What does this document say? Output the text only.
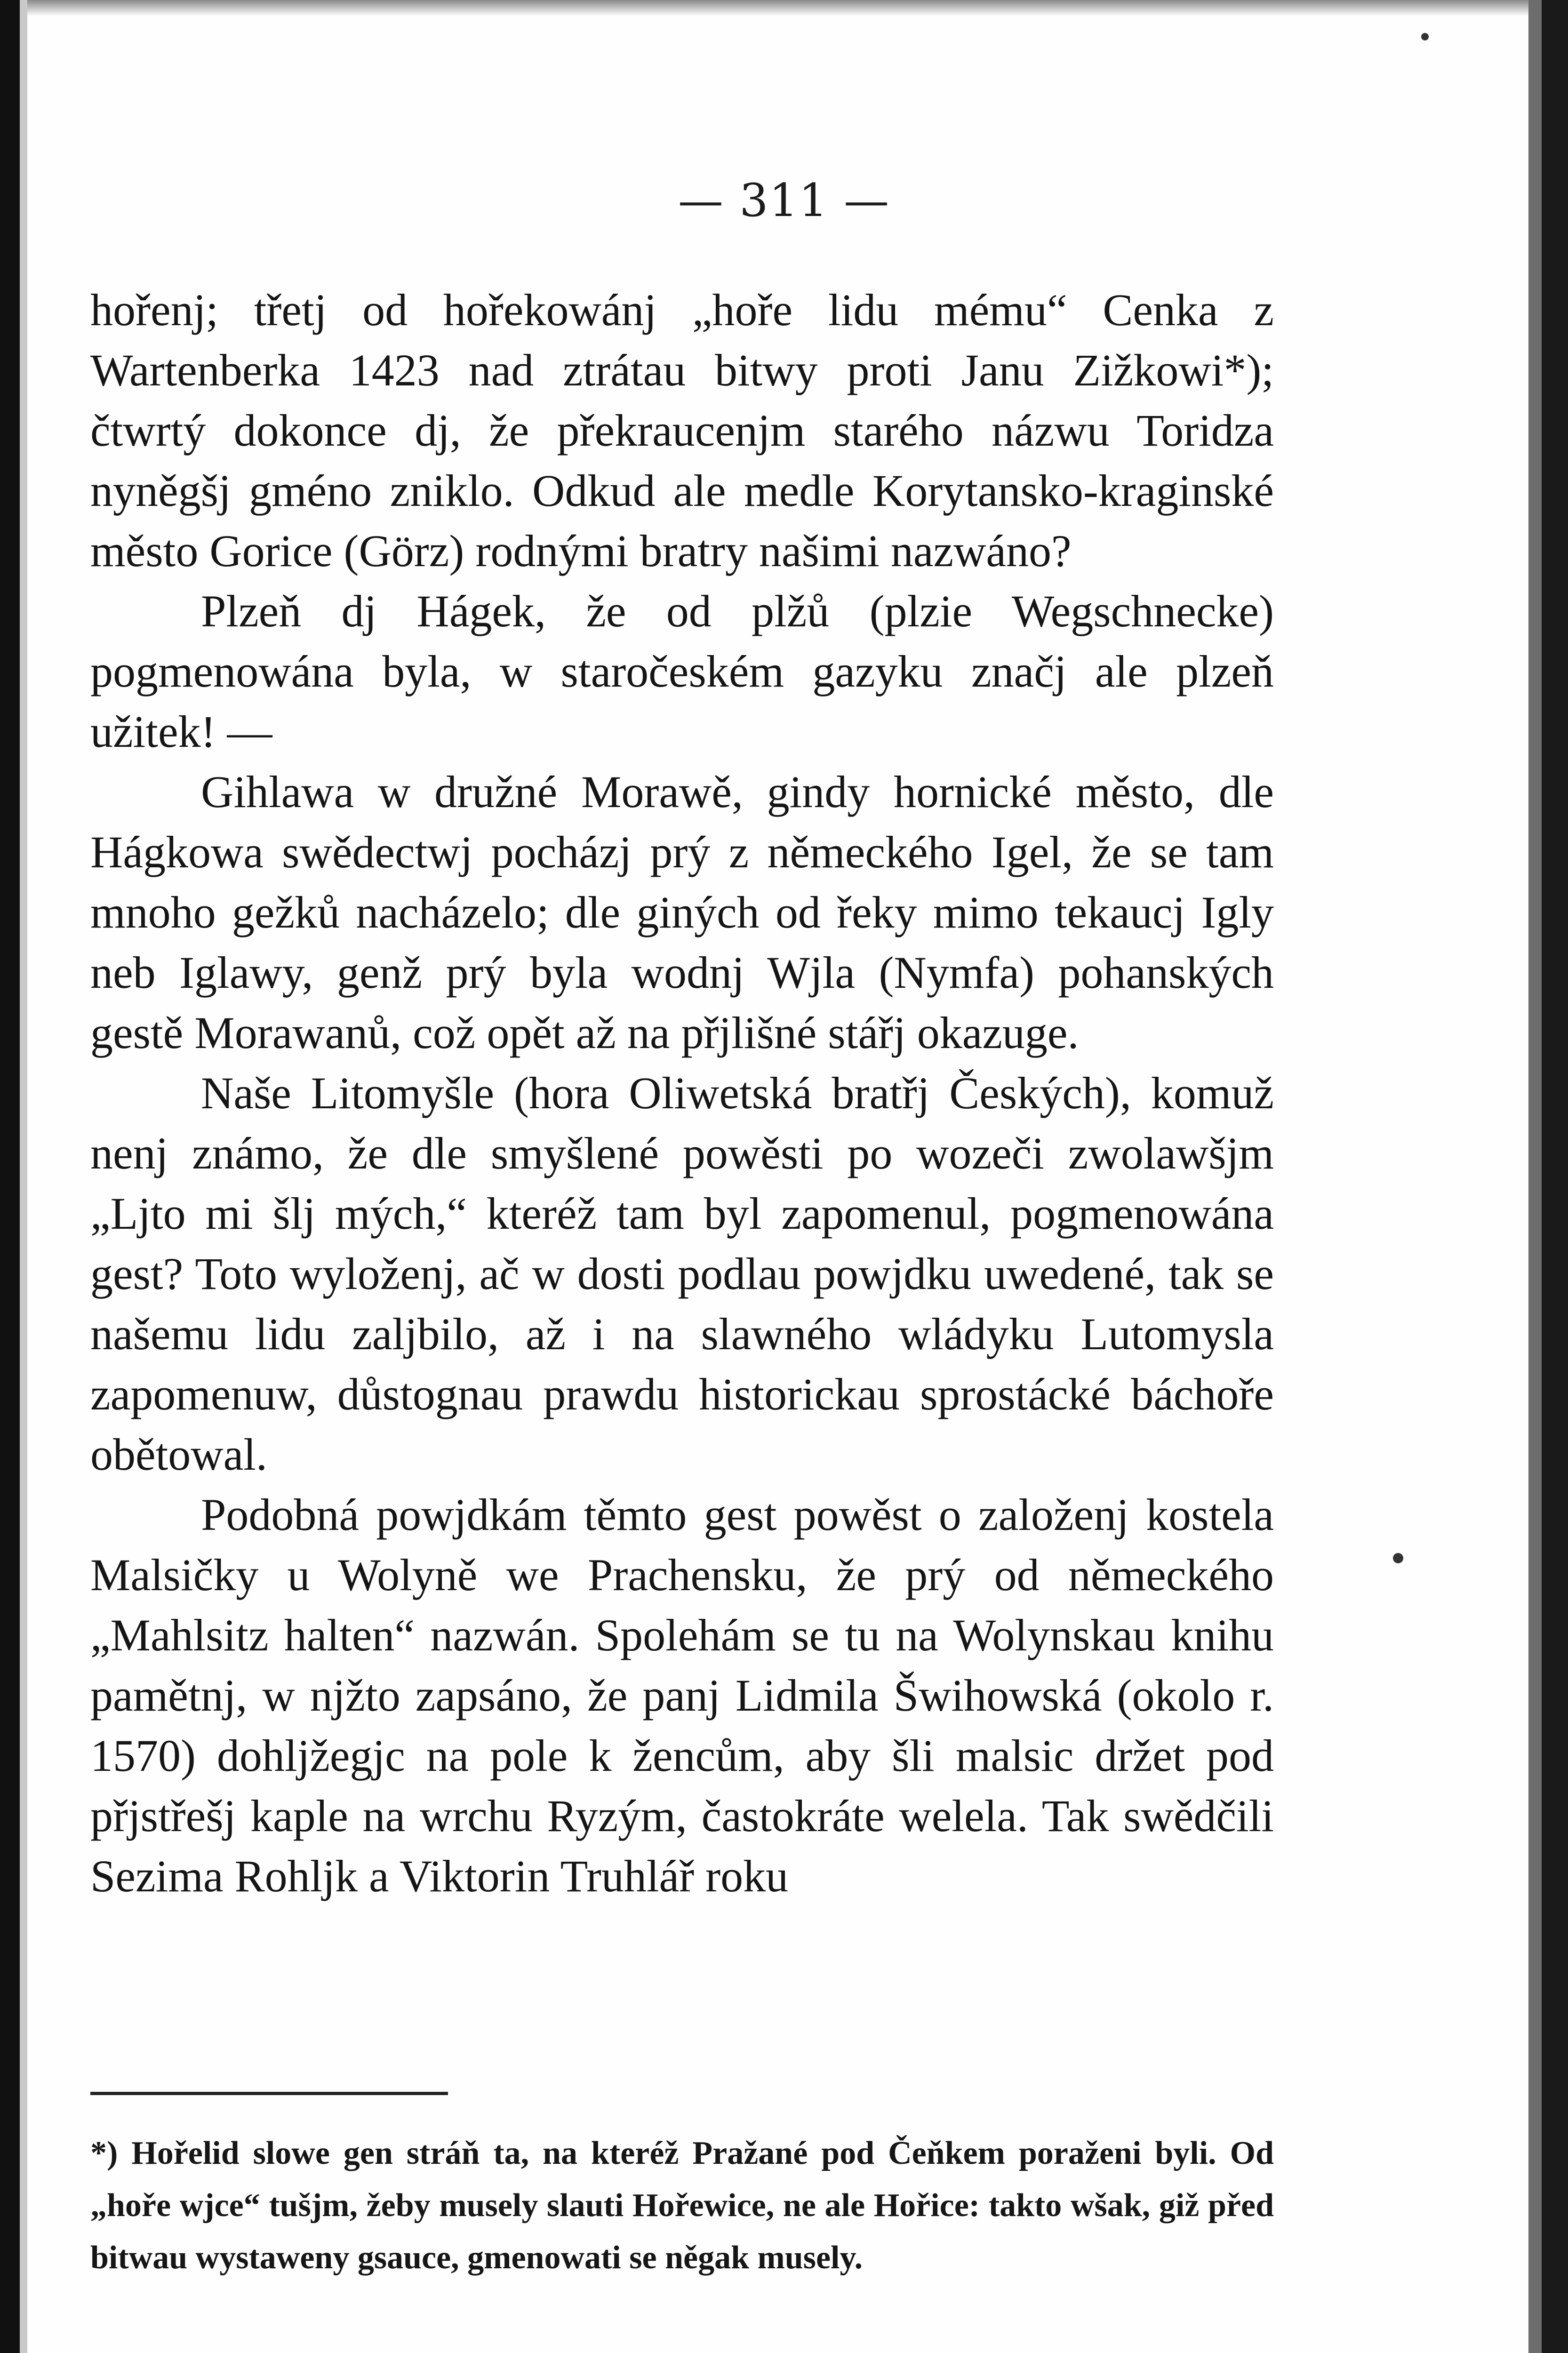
— 311 —

hořenj; třetj od hořekowánj „hoře lidu mému“ Cenka z Wartenberka 1423 nad ztrátau bitwy proti Janu Zižkowi*); čtwrtý dokonce dj, že překraucenjm starého názwu Toridza nyněgšj gméno zniklo. Odkud ale medle Korytansko-kraginské město Gorice (Görz) rodnými bratry našimi nazwáno?

Plzeň dj Hágek, že od plžů (plzie Wegschnecke) pogmenowána byla, w staročeském gazyku značj ale plzeň užitek! —

Gihlawa w družné Morawě, gindy hornické město, dle Hágkowa swědectwj pocházj prý z německého Igel, že se tam mnoho gežků nacházelo; dle giných od řeky mimo tekaucj Igly neb Iglawy, genž prý byla wodnj Wjla (Nymfa) pohanských gestě Morawanů, což opět až na přjlišné stářj okazuge.

Naše Litomyšle (hora Oliwetská bratřj Českých), komuž nenj známo, že dle smyšlené powěsti po wozeči zwolawšjm „Ljto mi šlj mých,“ kteréž tam byl zapomenul, pogmenowána gest? Toto wyloženj, ač w dosti podlau powjdku uwedené, tak se našemu lidu zaljbilo, až i na slawného wládyku Lutomysla zapomenuw, důstognau prawdu historickau sprostácké báchoře obětowal.

Podobná powjdkám těmto gest powěst o založenj kostela Malsičky u Wolyně we Prachensku, že prý od německého „Mahlsitz halten“ nazwán. Spolehám se tu na Wolynskau knihu pamětnj, w njžto zapsáno, že panj Lidmila Šwihowská (okolo r. 1570) dohljžegjc na pole k žencům, aby šli malsic držet pod přjstřešj kaple na wrchu Ryzým, častokráte welela. Tak swědčili Sezima Rohljk a Viktorin Truhlář roku

*) Hořelid slowe gen stráň ta, na kteréž Pražané pod Čeňkem poraženi byli. Od „hoře wjce“ tušjm, žeby musely slauti Hořewice, ne ale Hořice: takto wšak, giž před bitwau wystaweny gsauce, gmenowati se něgak musely.
